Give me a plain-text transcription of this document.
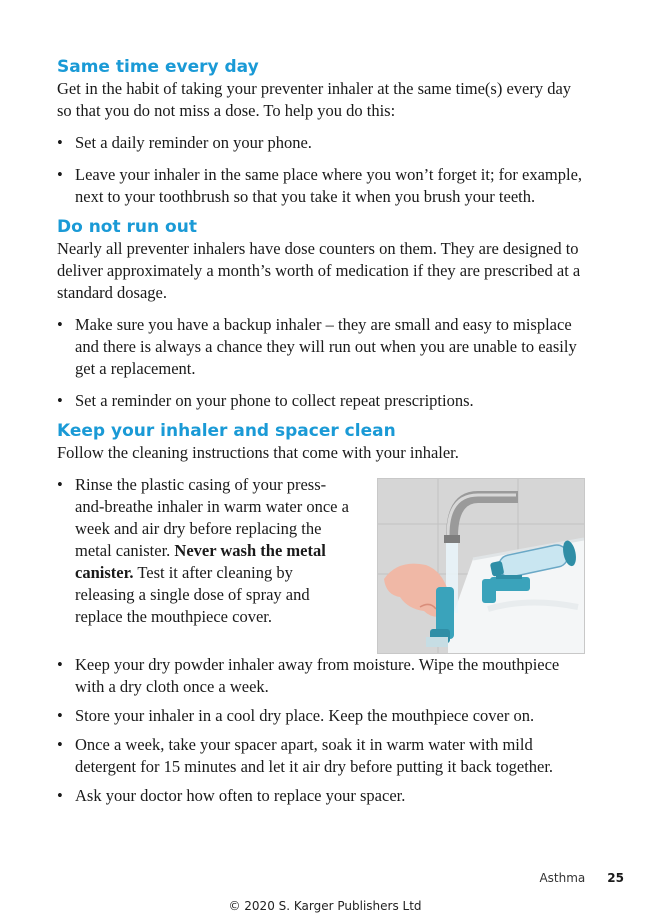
Same time every day

Get in the habit of taking your preventer inhaler at the same time(s) every day so that you do not miss a dose. To help you do this:

• Set a daily reminder on your phone.
• Leave your inhaler in the same place where you won’t forget it; for example, next to your toothbrush so that you take it when you brush your teeth.
Do not run out

Nearly all preventer inhalers have dose counters on them. They are designed to deliver approximately a month’s worth of medication if they are prescribed at a standard dosage.

• Make sure you have a backup inhaler – they are small and easy to misplace and there is always a chance they will run out when you are unable to easily get a replacement.
• Set a reminder on your phone to collect repeat prescriptions.
Keep your inhaler and spacer clean

Follow the cleaning instructions that come with your inhaler.

• Rinse the plastic casing of your press-and-breathe inhaler in warm water once a week and air dry before replacing the metal canister. Never wash the metal canister. Test it after cleaning by releasing a single dose of spray and replace the mouthpiece cover.
• Keep your dry powder inhaler away from moisture. Wipe the mouthpiece with a dry cloth once a week.
• Store your inhaler in a cool dry place. Keep the mouthpiece cover on.
• Once a week, take your spacer apart, soak it in warm water with mild detergent for 15 minutes and let it air dry before putting it back together.
• Ask your doctor how often to replace your spacer.
Asthma 25
© 2020 S. Karger Publishers Ltd
